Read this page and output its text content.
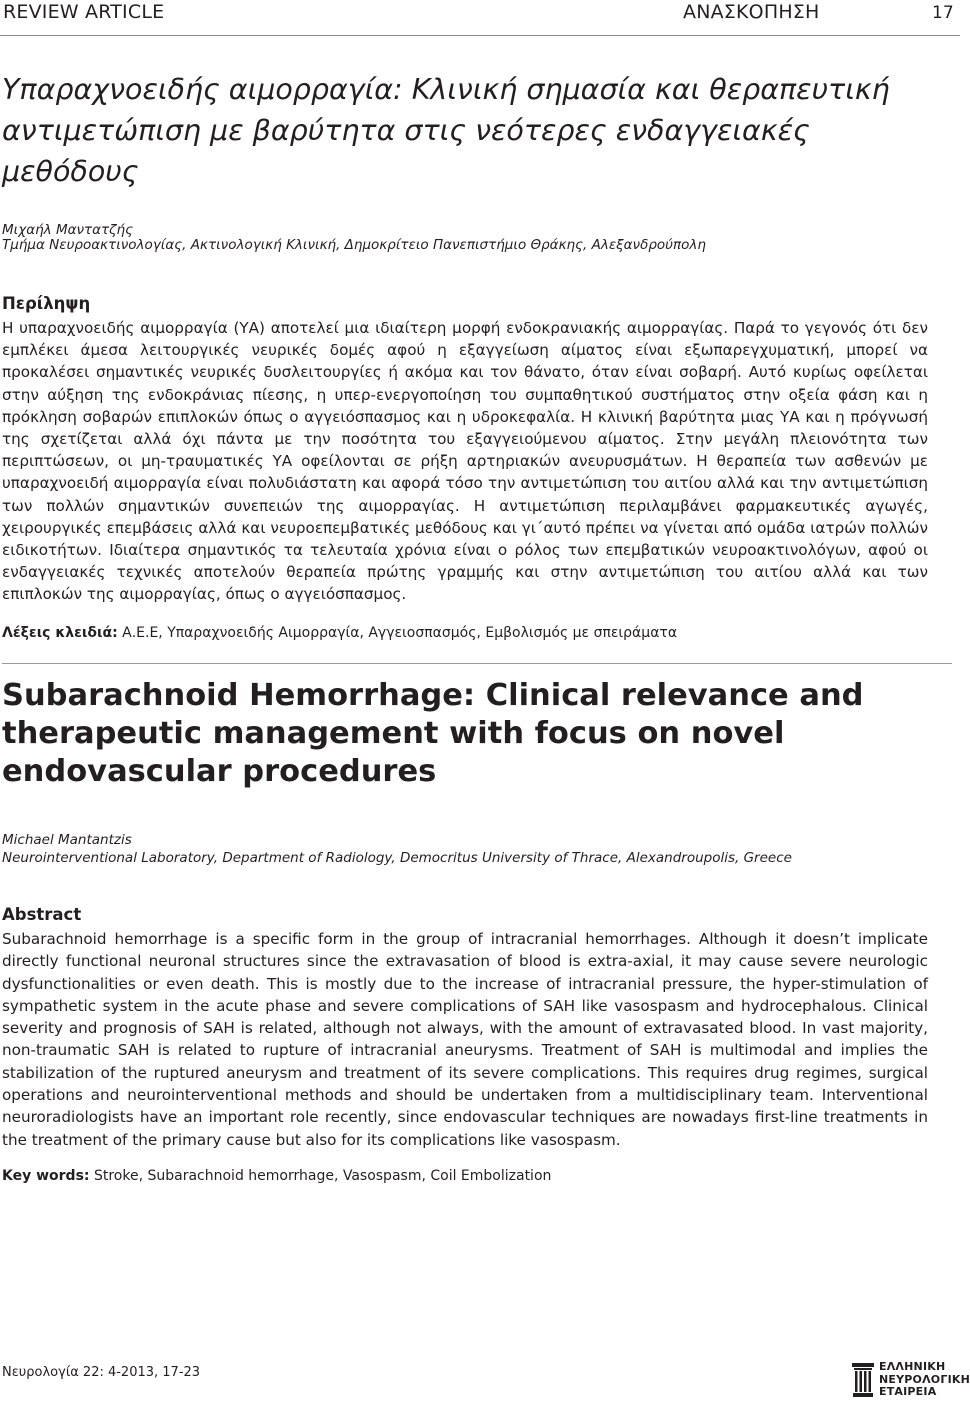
REVIEW ARTICLE	ΑΝΑΣΚΟΠΗΣΗ	17
Υπαραχνοειδής αιμορραγία: Κλινική σημασία και θεραπευτική αντιμετώπιση με βαρύτητα στις νεότερες ενδαγγειακές μεθόδους
Μιχαήλ Μαντατζής
Τμήμα Νευροακτινολογίας, Ακτινολογική Κλινική, Δημοκρίτειο Πανεπιστήμιο Θράκης, Αλεξανδρούπολη
Περίληψη

Η υπαραχνοειδής αιμορραγία (ΥΑ) αποτελεί μια ιδιαίτερη μορφή ενδοκρανιακής αιμορραγίας. Παρά το γεγονός ότι δεν εμπλέκει άμεσα λειτουργικές νευρικές δομές αφού η εξαγγείωση αίματος είναι εξωπαρεγχυματική, μπορεί να προκαλέσει σημαντικές νευρικές δυσλειτουργίες ή ακόμα και τον θάνατο, όταν είναι σοβαρή. Αυτό κυρίως οφείλεται στην αύξηση της ενδοκράνιας πίεσης, η υπερ-ενεργοποίηση του συμπαθητικού συστήματος στην οξεία φάση και η πρόκληση σοβαρών επιπλοκών όπως ο αγγειόσπασμος και η υδροκεφαλία. Η κλινική βαρύτητα μιας ΥΑ και η πρόγνωσή της σχετίζεται αλλά όχι πάντα με την ποσότητα του εξαγγειούμενου αίματος. Στην μεγάλη πλειονότητα των περιπτώσεων, οι μη-τραυματικές ΥΑ οφείλονται σε ρήξη αρτηριακών ανευρυσμάτων. Η θεραπεία των ασθενών με υπαραχνοειδή αιμορραγία είναι πολυδιάστατη και αφορά τόσο την αντιμετώπιση του αιτίου αλλά και την αντιμετώπιση των πολλών σημαντικών συνεπειών της αιμορραγίας. Η αντιμετώπιση περιλαμβάνει φαρμακευτικές αγωγές, χειρουργικές επεμβάσεις αλλά και νευροεπεμβατικές μεθόδους και γι΄αυτό πρέπει να γίνεται από ομάδα ιατρών πολλών ειδικοτήτων. Ιδιαίτερα σημαντικός τα τελευταία χρόνια είναι ο ρόλος των επεμβατικών νευροακτινολόγων, αφού οι ενδαγγειακές τεχνικές αποτελούν θεραπεία πρώτης γραμμής και στην αντιμετώπιση του αιτίου αλλά και των επιπλοκών της αιμορραγίας, όπως ο αγγειόσπασμος.

Λέξεις κλειδιά: Α.Ε.Ε, Υπαραχνοειδής Αιμορραγία, Αγγειοσπασμός, Εμβολισμός με σπειράματα
Subarachnoid Hemorrhage: Clinical relevance and therapeutic management with focus on novel endovascular procedures
Michael Mantantzis
Neurointerventional Laboratory, Department of Radiology, Democritus University of Thrace, Alexandroupolis, Greece
Abstract

Subarachnoid hemorrhage is a specific form in the group of intracranial hemorrhages. Although it doesn’t implicate directly functional neuronal structures since the extravasation of blood is extra-axial, it may cause severe neurologic dysfunctionalities or even death. This is mostly due to the increase of intracranial pressure, the hyper-stimulation of sympathetic system in the acute phase and severe complications of SAH like vasospasm and hydrocephalous. Clinical severity and prognosis of SAH is related, although not always, with the amount of extravasated blood. In vast majority, non-traumatic SAH is related to rupture of intracranial aneurysms. Treatment of SAH is multimodal and implies the stabilization of the ruptured aneurysm and treatment of its severe complications. This requires drug regimes, surgical operations and neurointerventional methods and should be undertaken from a multidisciplinary team. Interventional neuroradiologists have an important role recently, since endovascular techniques are nowadays first-line treatments in the treatment of the primary cause but also for its complications like vasospasm.

Key words: Stroke, Subarachnoid hemorrhage, Vasospasm, Coil Embolization
Νευρολογία 22: 4-2013, 17-23	ΕΛΛΗΝΙΚΗ
ΝΕΥΡΟΛΟΓΙΚΗ
ΕΤΑΙΡΕΙΑ
